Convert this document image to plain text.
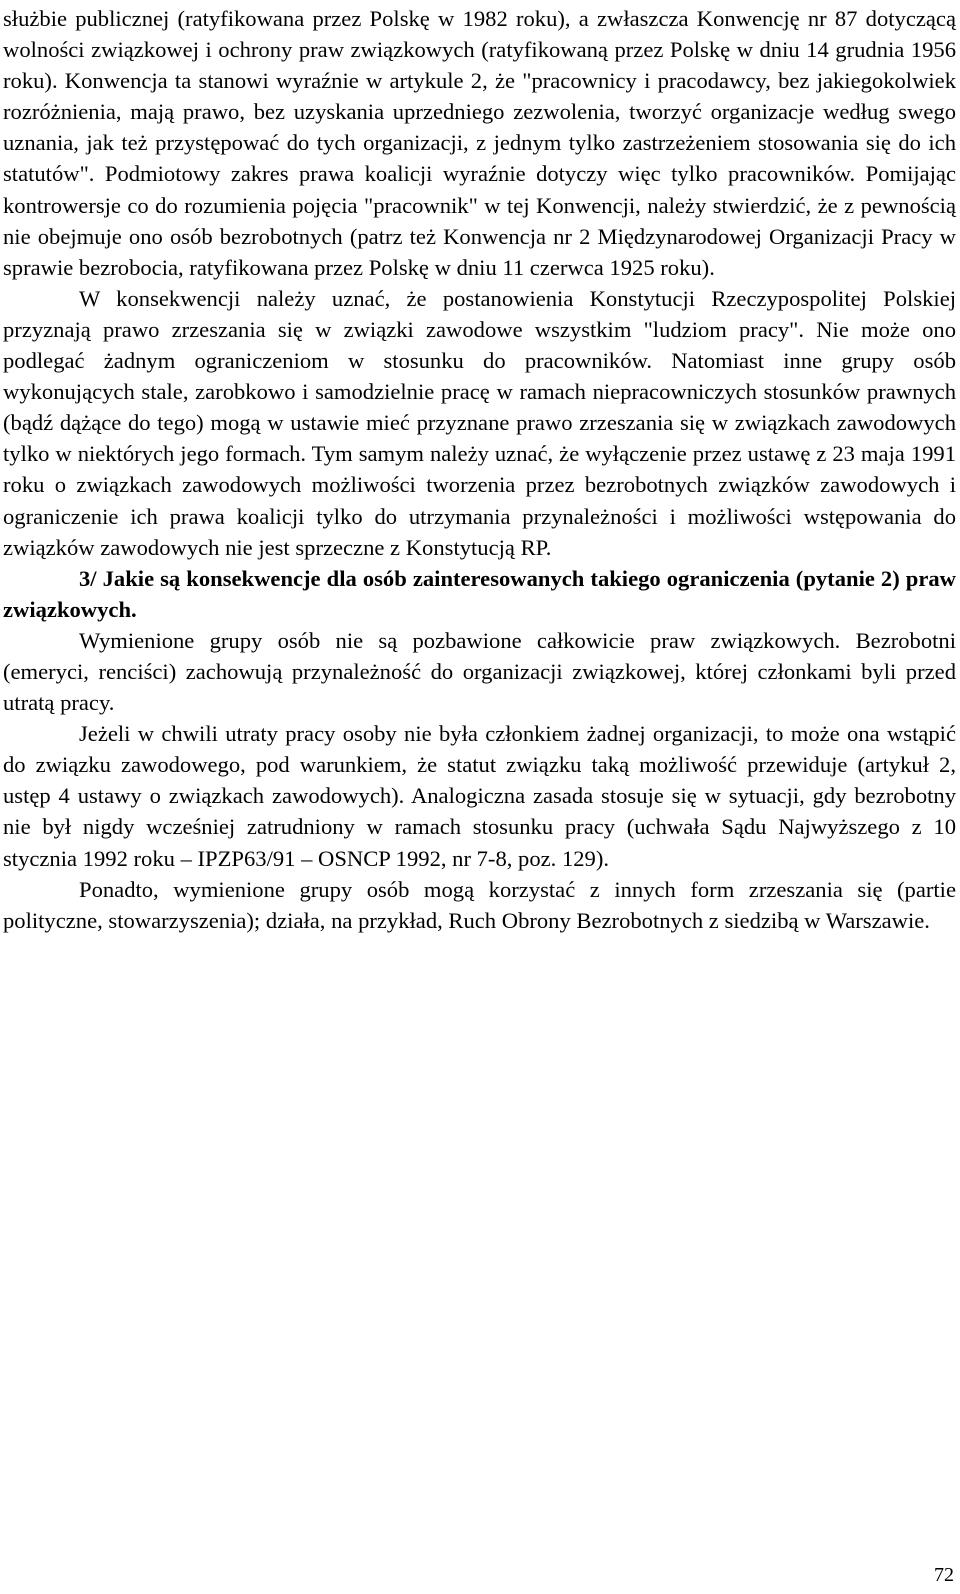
służbie publicznej (ratyfikowana przez Polskę w 1982 roku), a zwłaszcza Konwencję nr 87 dotyczącą wolności związkowej i ochrony praw związkowych (ratyfikowaną przez Polskę w dniu 14 grudnia 1956 roku). Konwencja ta stanowi wyraźnie w artykule 2, że "pracownicy i pracodawcy, bez jakiegokolwiek rozróżnienia, mają prawo, bez uzyskania uprzedniego zezwolenia, tworzyć organizacje według swego uznania, jak też przystępować do tych organizacji, z jednym tylko zastrzeżeniem stosowania się do ich statutów". Podmiotowy zakres prawa koalicji wyraźnie dotyczy więc tylko pracowników. Pomijając kontrowersje co do rozumienia pojęcia "pracownik" w tej Konwencji, należy stwierdzić, że z pewnością nie obejmuje ono osób bezrobotnych (patrz też Konwencja nr 2 Międzynarodowej Organizacji Pracy w sprawie bezrobocia, ratyfikowana przez Polskę w dniu 11 czerwca 1925 roku).

W konsekwencji należy uznać, że postanowienia Konstytucji Rzeczypospolitej Polskiej przyznają prawo zrzeszania się w związki zawodowe wszystkim "ludziom pracy". Nie może ono podlegać żadnym ograniczeniom w stosunku do pracowników. Natomiast inne grupy osób wykonujących stale, zarobkowo i samodzielnie pracę w ramach niepracowniczych stosunków prawnych (bądź dążące do tego) mogą w ustawie mieć przyznane prawo zrzeszania się w związkach zawodowych tylko w niektórych jego formach. Tym samym należy uznać, że wyłączenie przez ustawę z 23 maja 1991 roku o związkach zawodowych możliwości tworzenia przez bezrobotnych związków zawodowych i ograniczenie ich prawa koalicji tylko do utrzymania przynależności i możliwości wstępowania do związków zawodowych nie jest sprzeczne z Konstytucją RP.

3/ Jakie są konsekwencje dla osób zainteresowanych takiego ograniczenia (pytanie 2) praw związkowych.

Wymienione grupy osób nie są pozbawione całkowicie praw związkowych. Bezrobotni (emeryci, renciści) zachowują przynależność do organizacji związkowej, której członkami byli przed utratą pracy.

Jeżeli w chwili utraty pracy osoby nie była członkiem żadnej organizacji, to może ona wstąpić do związku zawodowego, pod warunkiem, że statut związku taką możliwość przewiduje (artykuł 2, ustęp 4 ustawy o związkach zawodowych). Analogiczna zasada stosuje się w sytuacji, gdy bezrobotny nie był nigdy wcześniej zatrudniony w ramach stosunku pracy (uchwała Sądu Najwyższego z 10 stycznia 1992 roku – IPZP63/91 – OSNCP 1992, nr 7-8, poz. 129).

Ponadto, wymienione grupy osób mogą korzystać z innych form zrzeszania się (partie polityczne, stowarzyszenia); działa, na przykład, Ruch Obrony Bezrobotnych z siedzibą w Warszawie.

72
